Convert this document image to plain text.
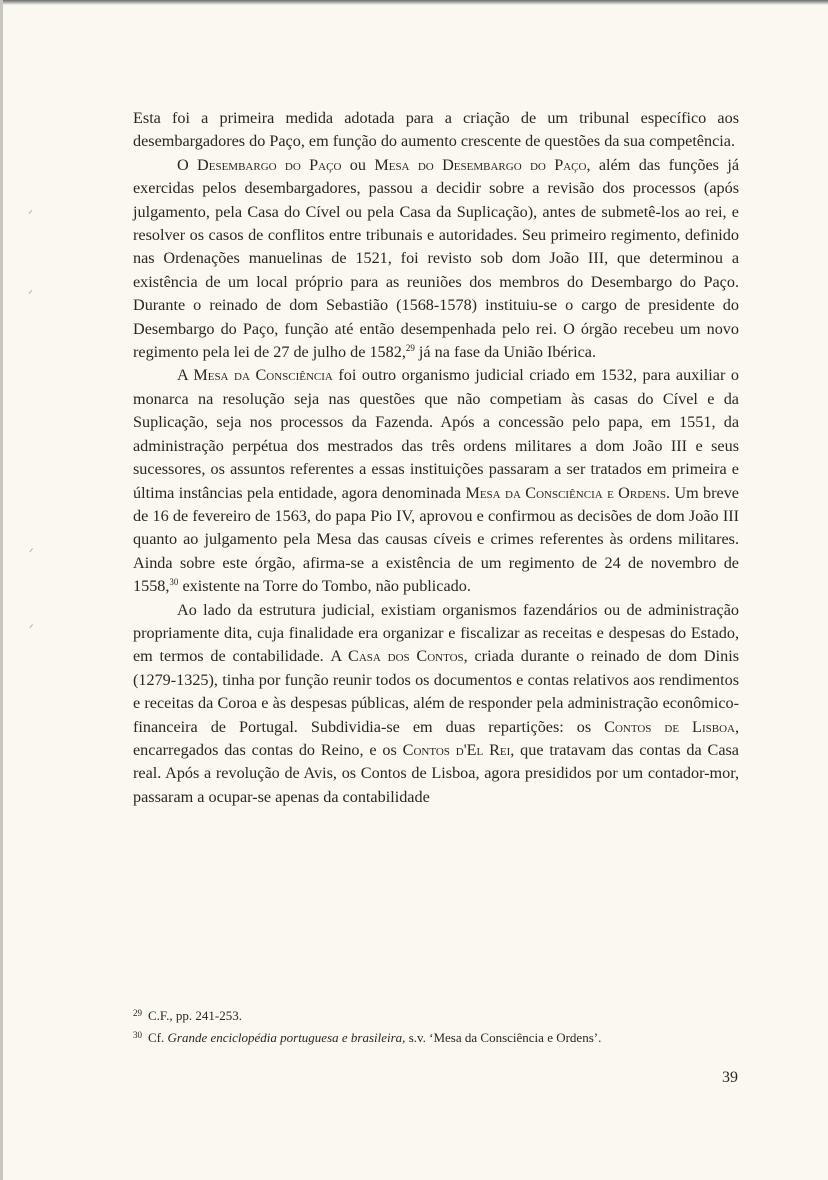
ᐟ
ᐟ
ᐟ
ᐟ

Esta foi a primeira medida adotada para a criação de um tribunal específico aos desembargadores do Paço, em função do aumento crescente de questões da sua competência.

O Desembargo do Paço ou Mesa do Desembargo do Paço, além das funções já exercidas pelos desembargadores, passou a decidir sobre a revisão dos processos (após julgamento, pela Casa do Cível ou pela Casa da Suplicação), antes de submetê-los ao rei, e resolver os casos de conflitos entre tribunais e autoridades. Seu primeiro regimento, definido nas Ordenações manuelinas de 1521, foi revisto sob dom João III, que determinou a existência de um local próprio para as reuniões dos membros do Desembargo do Paço. Durante o reinado de dom Sebastião (1568-1578) instituiu-se o cargo de presidente do Desembargo do Paço, função até então desempenhada pelo rei. O órgão recebeu um novo regimento pela lei de 27 de julho de 1582,29 já na fase da União Ibérica.

A Mesa da Consciência foi outro organismo judicial criado em 1532, para auxiliar o monarca na resolução seja nas questões que não competiam às casas do Cível e da Suplicação, seja nos processos da Fazenda. Após a concessão pelo papa, em 1551, da administração perpétua dos mestrados das três ordens militares a dom João III e seus sucessores, os assuntos referentes a essas instituições passaram a ser tratados em primeira e última instâncias pela entidade, agora denominada Mesa da Consciência e Ordens. Um breve de 16 de fevereiro de 1563, do papa Pio IV, aprovou e confirmou as decisões de dom João III quanto ao julgamento pela Mesa das causas cíveis e crimes referentes às ordens militares. Ainda sobre este órgão, afirma-se a existência de um regimento de 24 de novembro de 1558,30 existente na Torre do Tombo, não publicado.

Ao lado da estrutura judicial, existiam organismos fazendários ou de administração propriamente dita, cuja finalidade era organizar e fiscalizar as receitas e despesas do Estado, em termos de contabilidade. A Casa dos Contos, criada durante o reinado de dom Dinis (1279-1325), tinha por função reunir todos os documentos e contas relativos aos rendimentos e receitas da Coroa e às despesas públicas, além de responder pela administração econômico-financeira de Portugal. Subdividia-se em duas repartições: os Contos de Lisboa, encarregados das contas do Reino, e os Contos d'El Rei, que tratavam das contas da Casa real. Após a revolução de Avis, os Contos de Lisboa, agora presididos por um contador-mor, passaram a ocupar-se apenas da contabilidade

$^{29}$ C.F., pp. 241-253.

$^{30}$ Cf. Grande enciclopédia portuguesa e brasileira, s.v. ‘Mesa da Consciência e Ordens’.

39
